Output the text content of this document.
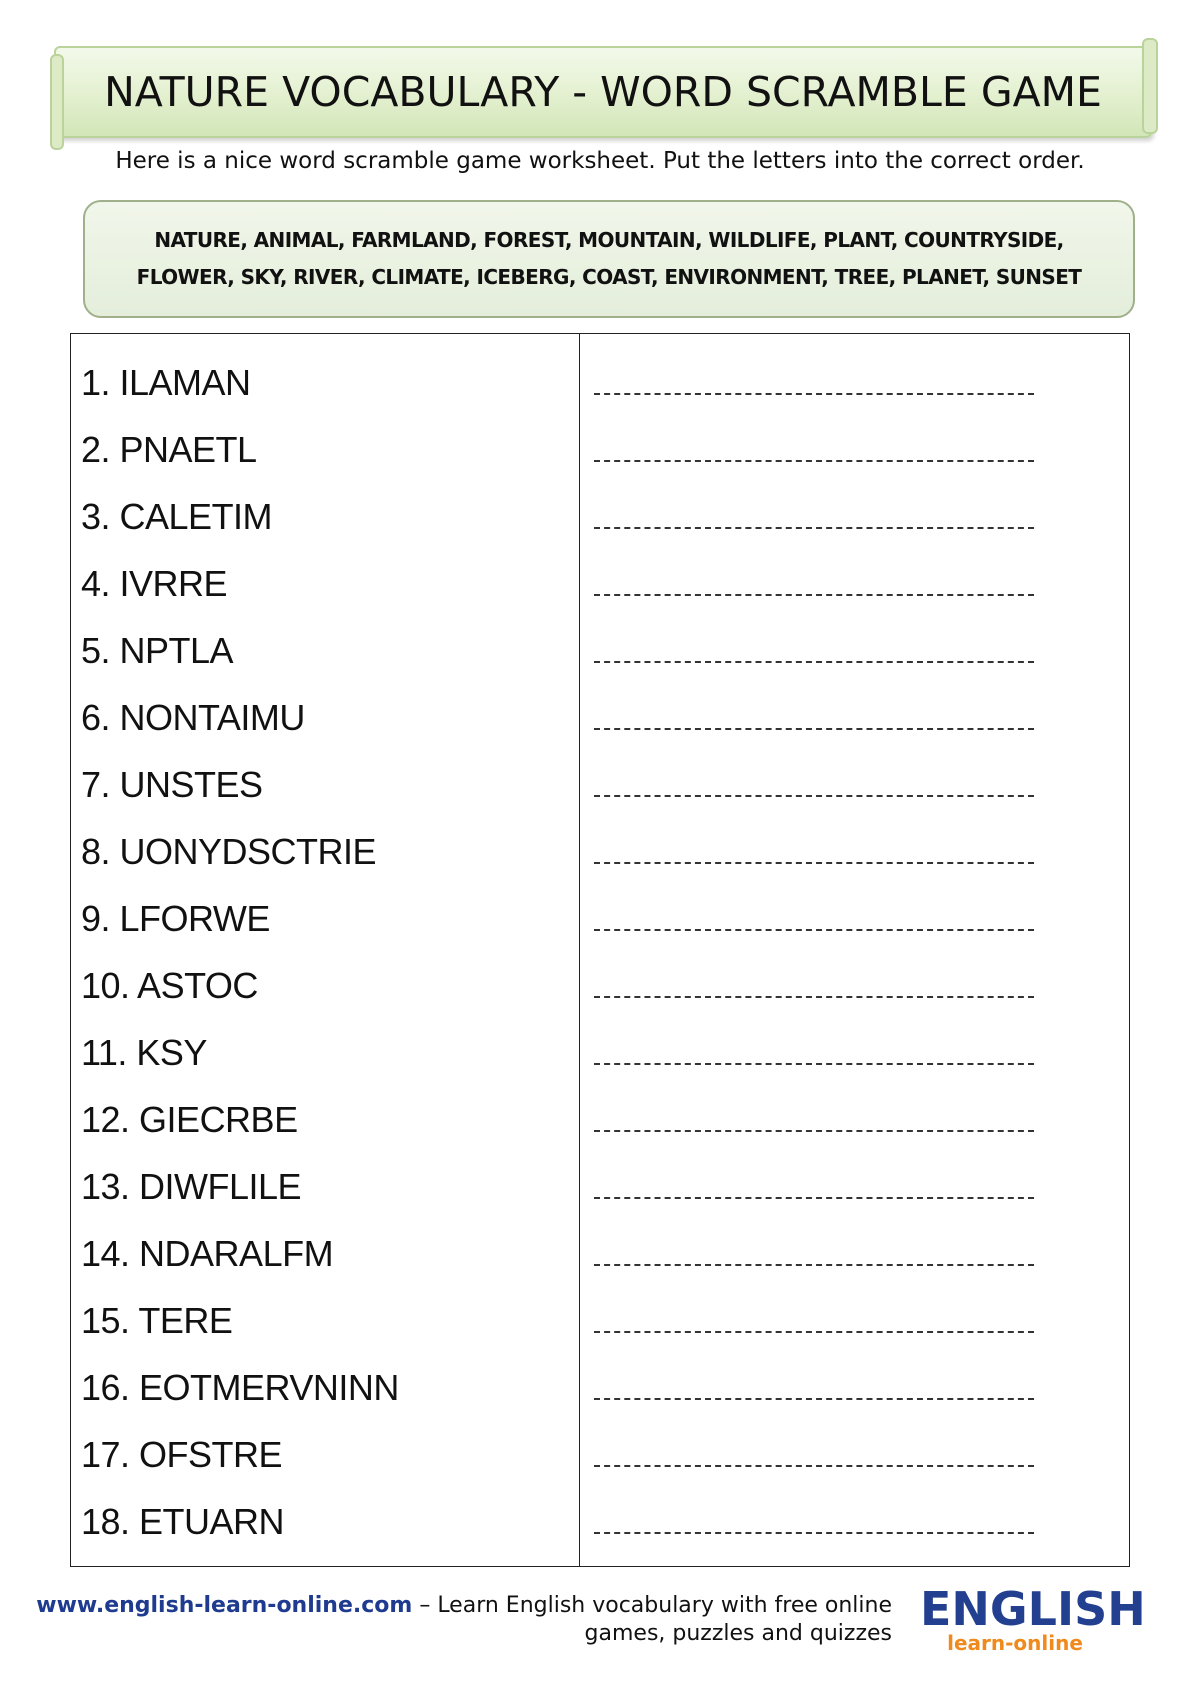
NATURE VOCABULARY - WORD SCRAMBLE GAME
Here is a nice word scramble game worksheet. Put the letters into the correct order.
NATURE, ANIMAL, FARMLAND, FOREST, MOUNTAIN, WILDLIFE, PLANT, COUNTRYSIDE,
FLOWER, SKY, RIVER, CLIMATE, ICEBERG, COAST, ENVIRONMENT, TREE, PLANET, SUNSET
1. ILAMAN
2. PNAETL
3. CALETIM
4. IVRRE
5. NPTLA
6. NONTAIMU
7. UNSTES
8. UONYDSCTRIE
9. LFORWE
10. ASTOC
11. KSY
12. GIECRBE
13. DIWFLILE
14. NDARALFM
15. TERE
16. EOTMERVNINN
17. OFSTRE
18. ETUARN
www.english-learn-online.com – Learn English vocabulary with free online
games, puzzles and quizzes ENGLISH
learn-online
